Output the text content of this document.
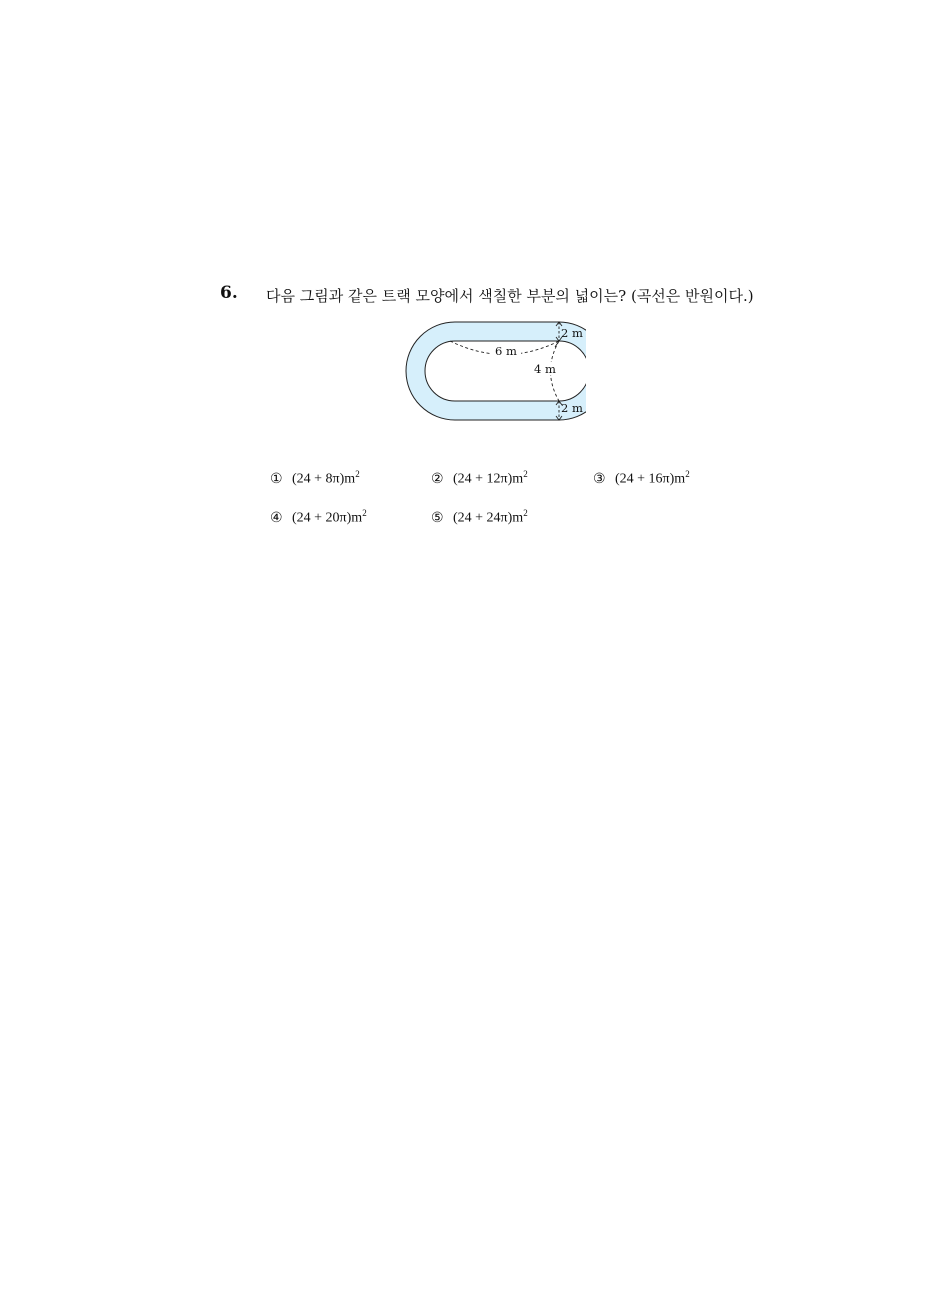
6. 다음 그림과 같은 트랙 모양에서 색칠한 부분의 넓이는? (곡선은 반원이다.)
6 m
4 m
2 m
2 m
① $(24 + 8\pi)m^2$	② $(24 + 12\pi)m^2$	③ $(24 + 16\pi)m^2$
④ $(24 + 20\pi)m^2$	⑤ $(24 + 24\pi)m^2$
